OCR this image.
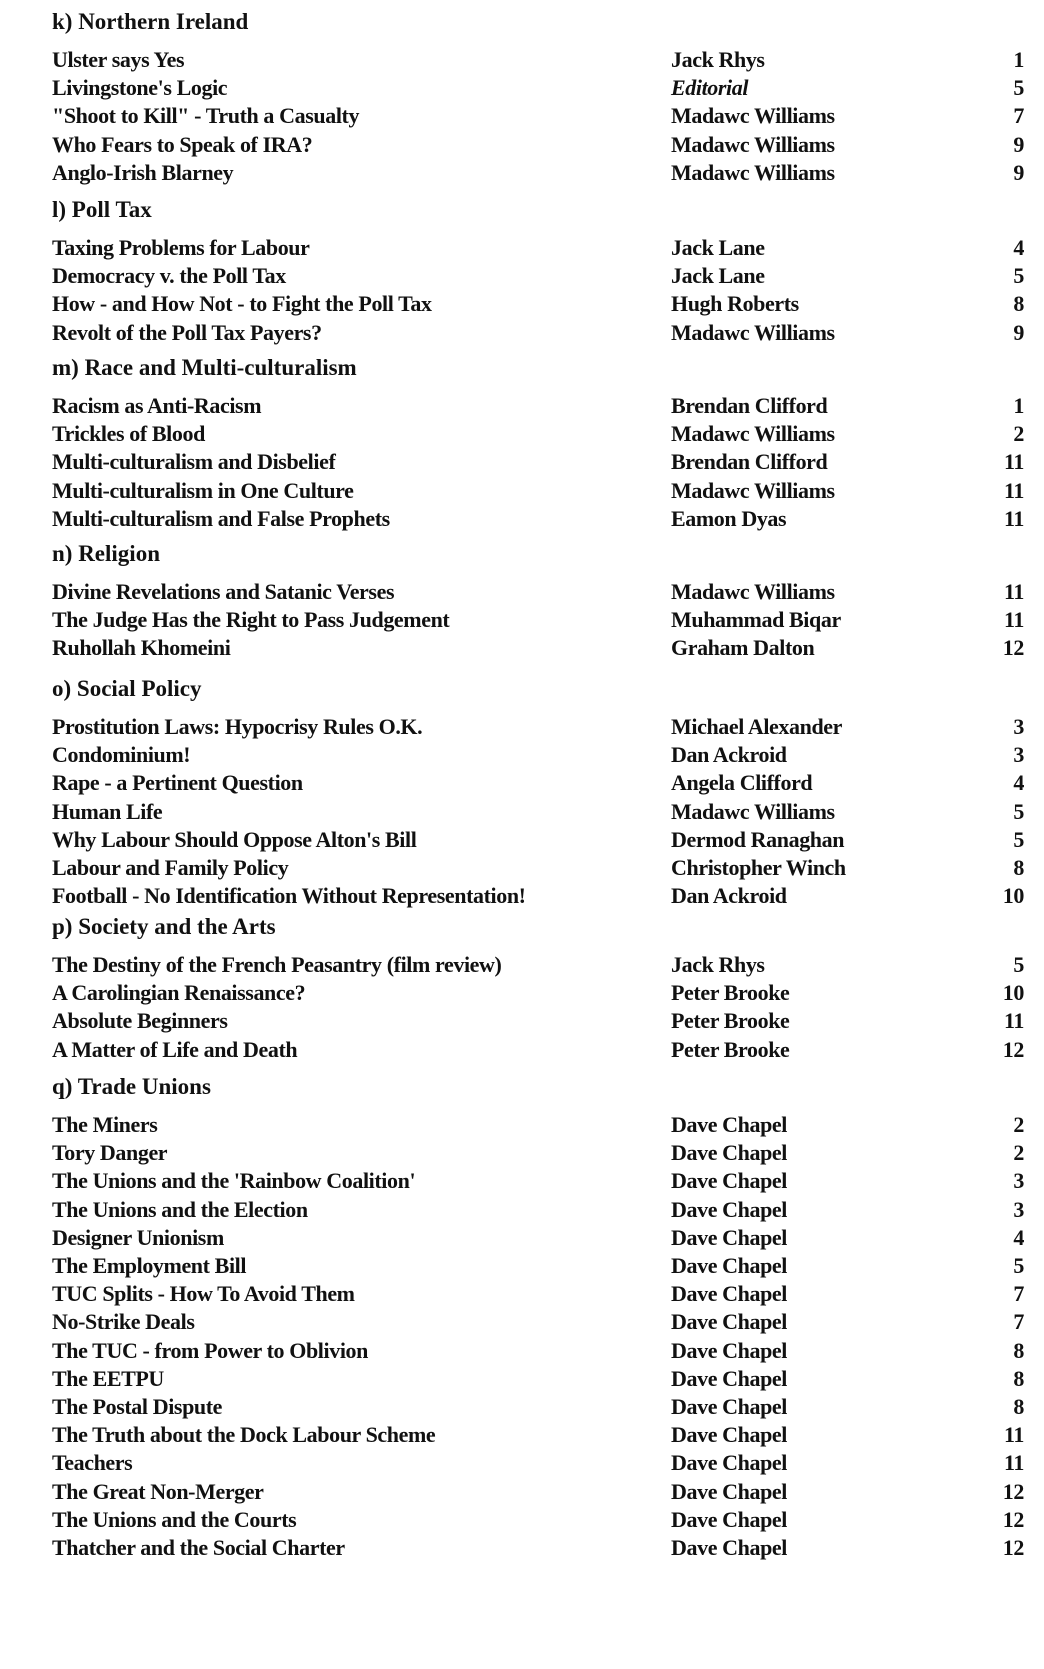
k) Northern Ireland
Ulster says Yes	Jack Rhys	1
Livingstone's Logic	Editorial	5
"Shoot to Kill" - Truth a Casualty	Madawc Williams	7
Who Fears to Speak of IRA?	Madawc Williams	9
Anglo-Irish Blarney	Madawc Williams	9
l) Poll Tax
Taxing Problems for Labour	Jack Lane	4
Democracy v. the Poll Tax	Jack Lane	5
How - and How Not - to Fight the Poll Tax	Hugh Roberts	8
Revolt of the Poll Tax Payers?	Madawc Williams	9
m) Race and Multi-culturalism
Racism as Anti-Racism	Brendan Clifford	1
Trickles of Blood	Madawc Williams	2
Multi-culturalism and Disbelief	Brendan Clifford	11
Multi-culturalism in One Culture	Madawc Williams	11
Multi-culturalism and False Prophets	Eamon Dyas	11
n) Religion
Divine Revelations and Satanic Verses	Madawc Williams	11
The Judge Has the Right to Pass Judgement	Muhammad Biqar	11
Ruhollah Khomeini	Graham Dalton	12
o) Social Policy
Prostitution Laws: Hypocrisy Rules O.K.	Michael Alexander	3
Condominium!	Dan Ackroid	3
Rape - a Pertinent Question	Angela Clifford	4
Human Life	Madawc Williams	5
Why Labour Should Oppose Alton's Bill	Dermod Ranaghan	5
Labour and Family Policy	Christopher Winch	8
Football - No Identification Without Representation!	Dan Ackroid	10
p) Society and the Arts
The Destiny of the French Peasantry (film review)	Jack Rhys	5
A Carolingian Renaissance?	Peter Brooke	10
Absolute Beginners	Peter Brooke	11
A Matter of Life and Death	Peter Brooke	12
q) Trade Unions
The Miners	Dave Chapel	2
Tory Danger	Dave Chapel	2
The Unions and the 'Rainbow Coalition'	Dave Chapel	3
The Unions and the Election	Dave Chapel	3
Designer Unionism	Dave Chapel	4
The Employment Bill	Dave Chapel	5
TUC Splits - How To Avoid Them	Dave Chapel	7
No-Strike Deals	Dave Chapel	7
The TUC - from Power to Oblivion	Dave Chapel	8
The EETPU	Dave Chapel	8
The Postal Dispute	Dave Chapel	8
The Truth about the Dock Labour Scheme	Dave Chapel	11
Teachers	Dave Chapel	11
The Great Non-Merger	Dave Chapel	12
The Unions and the Courts	Dave Chapel	12
Thatcher and the Social Charter	Dave Chapel	12
